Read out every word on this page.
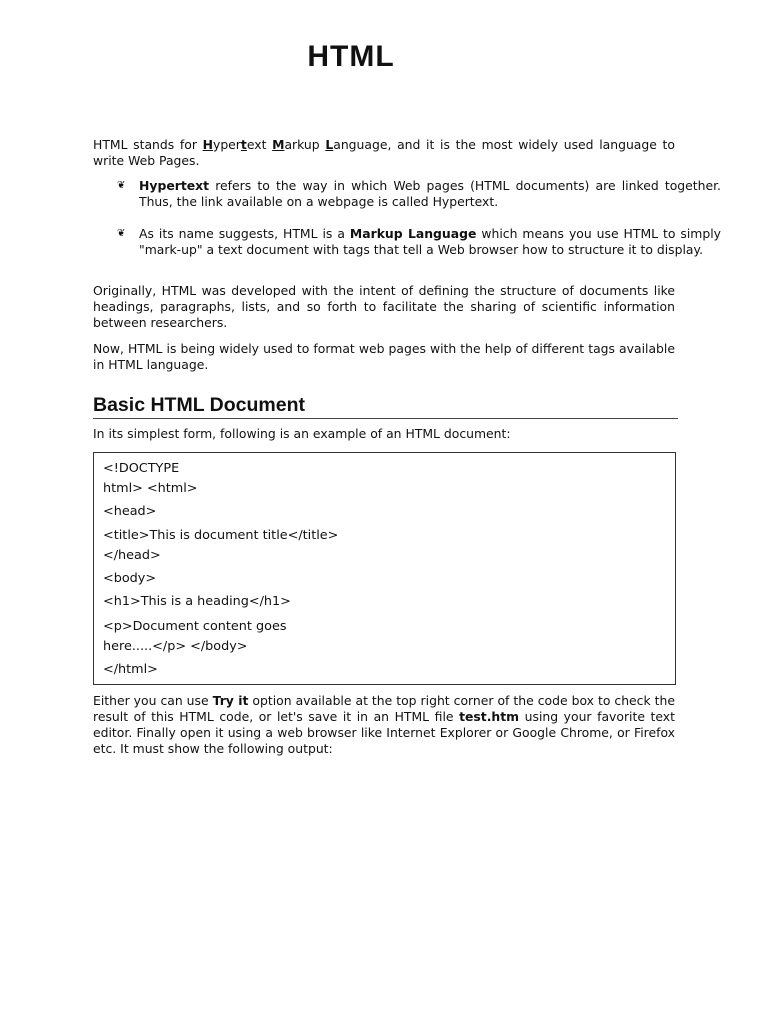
HTML

HTML stands for Hypertext Markup Language, and it is the most widely used language to write Web Pages.

❦ Hypertext refers to the way in which Web pages (HTML documents) are linked together. Thus, the link available on a webpage is called Hypertext.

❦ As its name suggests, HTML is a Markup Language which means you use HTML to simply "mark-up" a text document with tags that tell a Web browser how to structure it to display.

Originally, HTML was developed with the intent of defining the structure of documents like headings, paragraphs, lists, and so forth to facilitate the sharing of scientific information between researchers.

Now, HTML is being widely used to format web pages with the help of different tags available in HTML language.

Basic HTML Document

In its simplest form, following is an example of an HTML document:

<!DOCTYPE

html> <html>

<head>

<title>This is document title</title>

</head>

<body>

<h1>This is a heading</h1>

<p>Document content goes

here.....</p> </body>

</html>

Either you can use Try it option available at the top right corner of the code box to check the result of this HTML code, or let's save it in an HTML file test.htm using your favorite text editor. Finally open it using a web browser like Internet Explorer or Google Chrome, or Firefox etc. It must show the following output:
